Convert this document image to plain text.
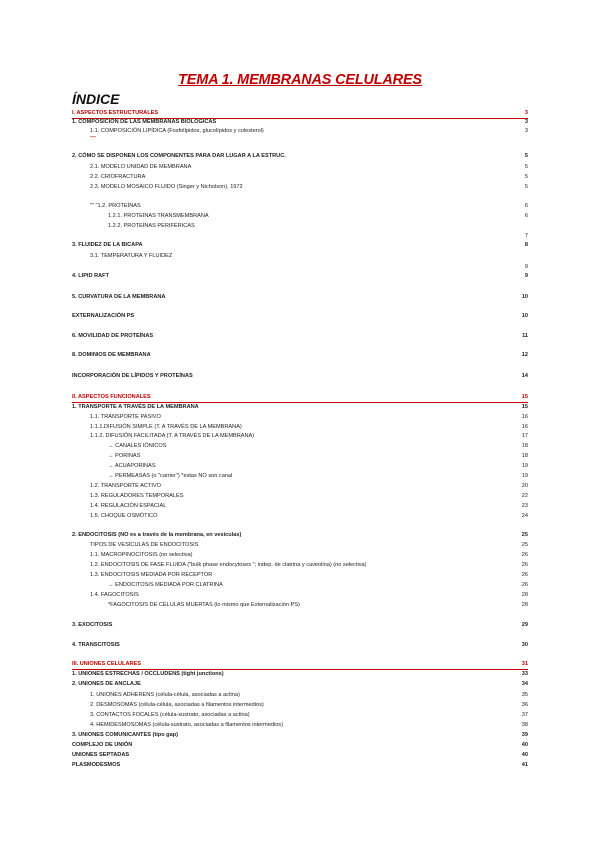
TEMA 1. MEMBRANAS CELULARES
ÍNDICE
I. ASPECTOS ESTRUCTURALES	3
1. COMPOSICIÓN DE LAS MEMBRANAS BIOLÓGICAS	3
1.1. COMPOSICIÓN LIPÍDICA (Fosfolípidos, glucolípidos y colesterol)	3
"""
2. CÓMO SE DISPONEN LOS COMPONENTES PARA DAR LUGAR A LA ESTRUC.	5
2.1. MODELO UNIDAD DE MEMBRANA	5
2.2. CRIOFRACTURA	5
2.3. MODELO MOSAICO FLUIDO (Singer y Nicholson), 1972	5
"" "1.2. PROTEÍNAS	6
1.2.1. PROTEÍNAS TRANSMEMBRANA	6
1.2.2. PROTEÍNAS PERIFÉRICAS
7
3. FLUIDEZ DE LA BICAPA	8
3.1. TEMPERATURA Y FLUIDEZ
9
4. LIPID RAFT	9
5. CURVATURA DE LA MEMBRANA	10
EXTERNALIZACIÓN PS	10
6. MOVILIDAD DE PROTEÍNAS	11
8. DOMINIOS DE MEMBRANA	12
INCORPORACIÓN DE LÍPIDOS Y PROTEÍNAS	14
II. ASPECTOS FUNCIONALES	15
1. TRANSPORTE A TRAVÉS DE LA MEMBRANA	15
1.1. TRANSPORTE PASIVO	16
1.1.1.DIFUSIÓN SIMPLE (T. A TRAVÉS DE LA MEMBRANA)	16
1.1.2. DIFUSIÓN FACILITADA (T. A TRAVÉS DE LA MEMBRANA)	17
→ CANALES IÓNICOS	18
→ PORINAS	18
→ ACUAPORINAS	19
→ PERMEASAS (o "carrier") *estas NO son canal	19
1.2. TRANSPORTE ACTIVO	20
1.3. REGULADORES TEMPORALES	22
1.4. REGULACIÓN ESPACIAL	23
1.5. CHOQUE OSMÓTICO	24
2. ENDOCITOSIS (NO es a través de la membrana, en vesículas)	25
TIPOS DE VESÍCULAS DE ENDOCITOSIS	25
1.1. MACROPINOCITOSIS (no selectiva)	26
1.2. ENDOCITOSIS DE FASE FLUIDA ("bulk phase endocytoses "; indep. de clatrina y caveolina) (no selectiva)	26
1.3. ENDOCITOSIS MEDIADA POR RECEPTOR	26
→ ENDOCITOSIS MEDIADA POR CLATRINA	26
1.4. FAGOCITOSIS	28
*FAGOCITOSIS DE CÉLULAS MUERTAS (lo mismo que Externalización PS)	28
3. EXOCITOSIS	29
4. TRANSCITOSIS	30
III. UNIONES CELULARES	31
1. UNIONES ESTRECHAS / OCCLUDENS (tight junctions)	33
2. UNIONES DE ANCLAJE	34
1. UNIONES ADHERENS (célula-célula, asociadas a actina)	35
2. DESMOSOMAS (célula-célula, asociadas a filamentos intermedios)	36
3. CONTACTOS FOCALES (célula-sustrato, asociadas a actina)	37
4. HEMIDESMOSOMAS (célula-sustrato, asociadas a filamentos intermedios)	38
3. UNIONES COMUNICANTES (tipo gap)	39
COMPLEJO DE UNIÓN	40
UNIONES SEPTADAS	40
PLASMODESMOS	41
